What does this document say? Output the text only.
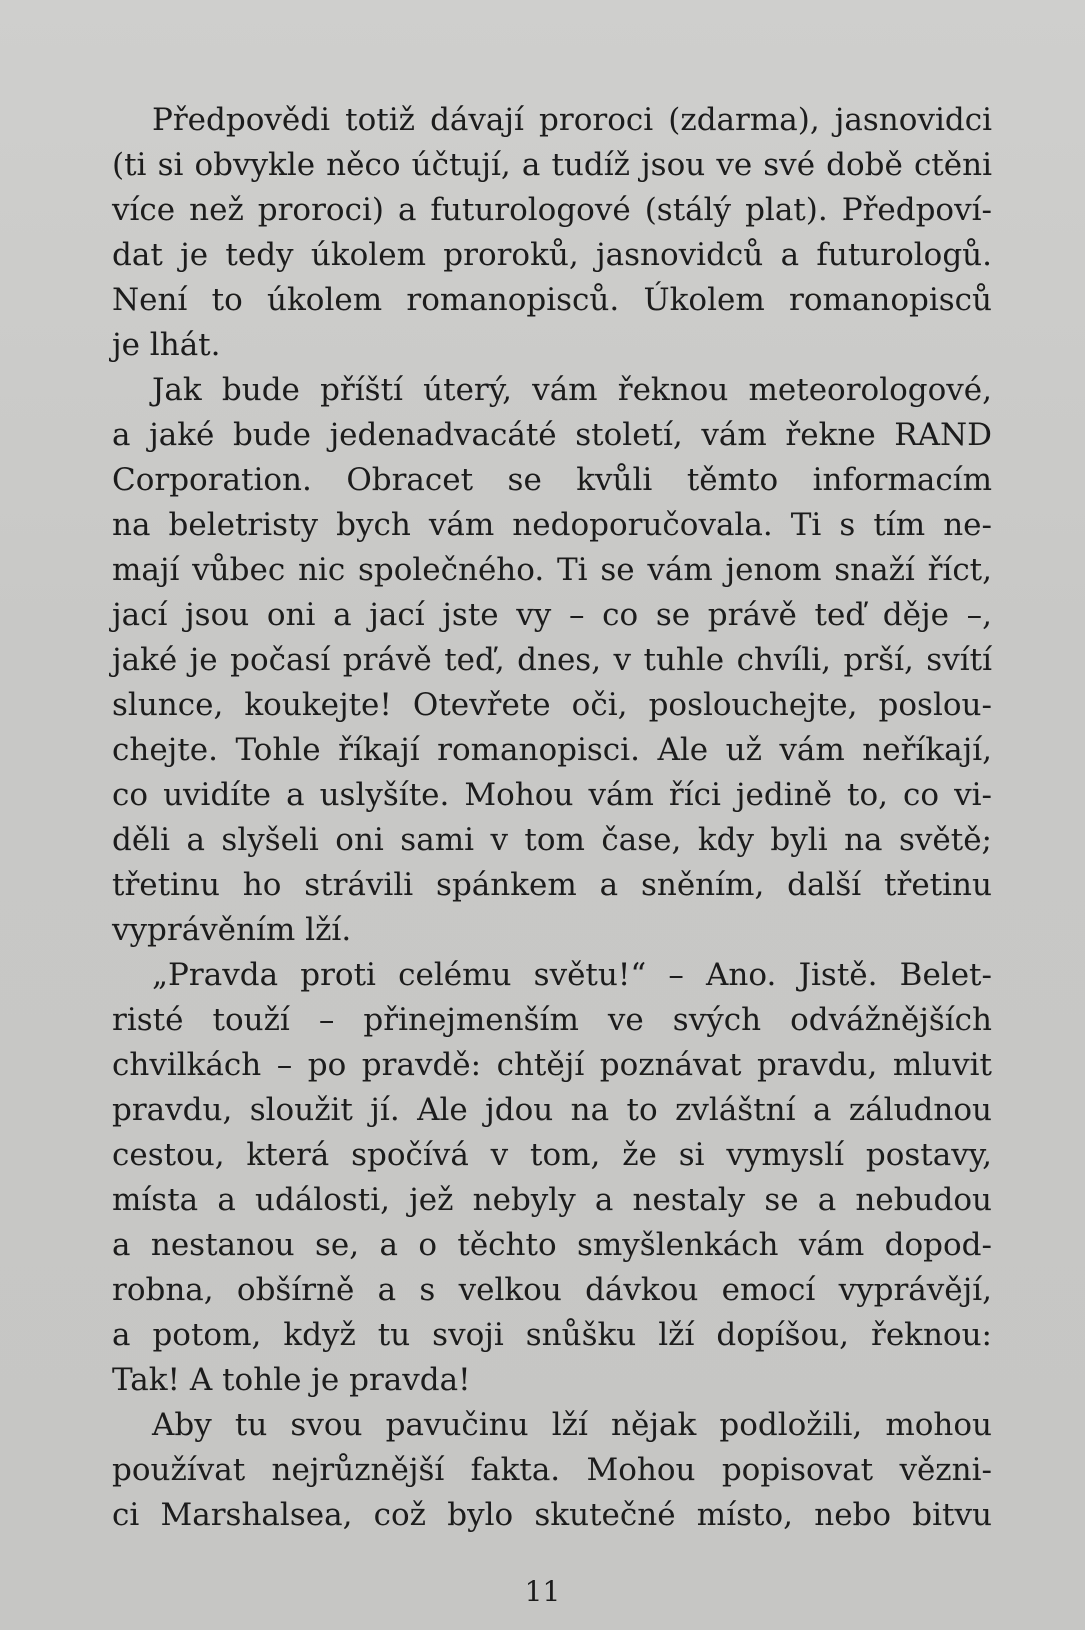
Předpovědi totiž dávají proroci (zdarma), jasnovidci
(ti si obvykle něco účtují, a tudíž jsou ve své době ctěni
více než proroci) a futurologové (stálý plat). Předpoví-
dat je tedy úkolem proroků, jasnovidců a futurologů.
Není to úkolem romanopisců. Úkolem romanopisců
je lhát.
Jak bude příští úterý, vám řeknou meteorologové,
a jaké bude jedenadvacáté století, vám řekne RAND
Corporation. Obracet se kvůli těmto informacím
na beletristy bych vám nedoporučovala. Ti s tím ne-
mají vůbec nic společného. Ti se vám jenom snaží říct,
jací jsou oni a jací jste vy – co se právě teď děje –,
jaké je počasí právě teď, dnes, v tuhle chvíli, prší, svítí
slunce, koukejte! Otevřete oči, poslouchejte, poslou-
chejte. Tohle říkají romanopisci. Ale už vám neříkají,
co uvidíte a uslyšíte. Mohou vám říci jedině to, co vi-
děli a slyšeli oni sami v tom čase, kdy byli na světě;
třetinu ho strávili spánkem a sněním, další třetinu
vyprávěním lží.
„Pravda proti celému světu!“ – Ano. Jistě. Belet-
risté touží – přinejmenším ve svých odvážnějších
chvilkách – po pravdě: chtějí poznávat pravdu, mluvit
pravdu, sloužit jí. Ale jdou na to zvláštní a záludnou
cestou, která spočívá v tom, že si vymyslí postavy,
místa a události, jež nebyly a nestaly se a nebudou
a nestanou se, a o těchto smyšlenkách vám dopod-
robna, obšírně a s velkou dávkou emocí vyprávějí,
a potom, když tu svoji snůšku lží dopíšou, řeknou:
Tak! A tohle je pravda!
Aby tu svou pavučinu lží nějak podložili, mohou
používat nejrůznější fakta. Mohou popisovat vězni-
ci Marshalsea, což bylo skutečné místo, nebo bitvu
11
